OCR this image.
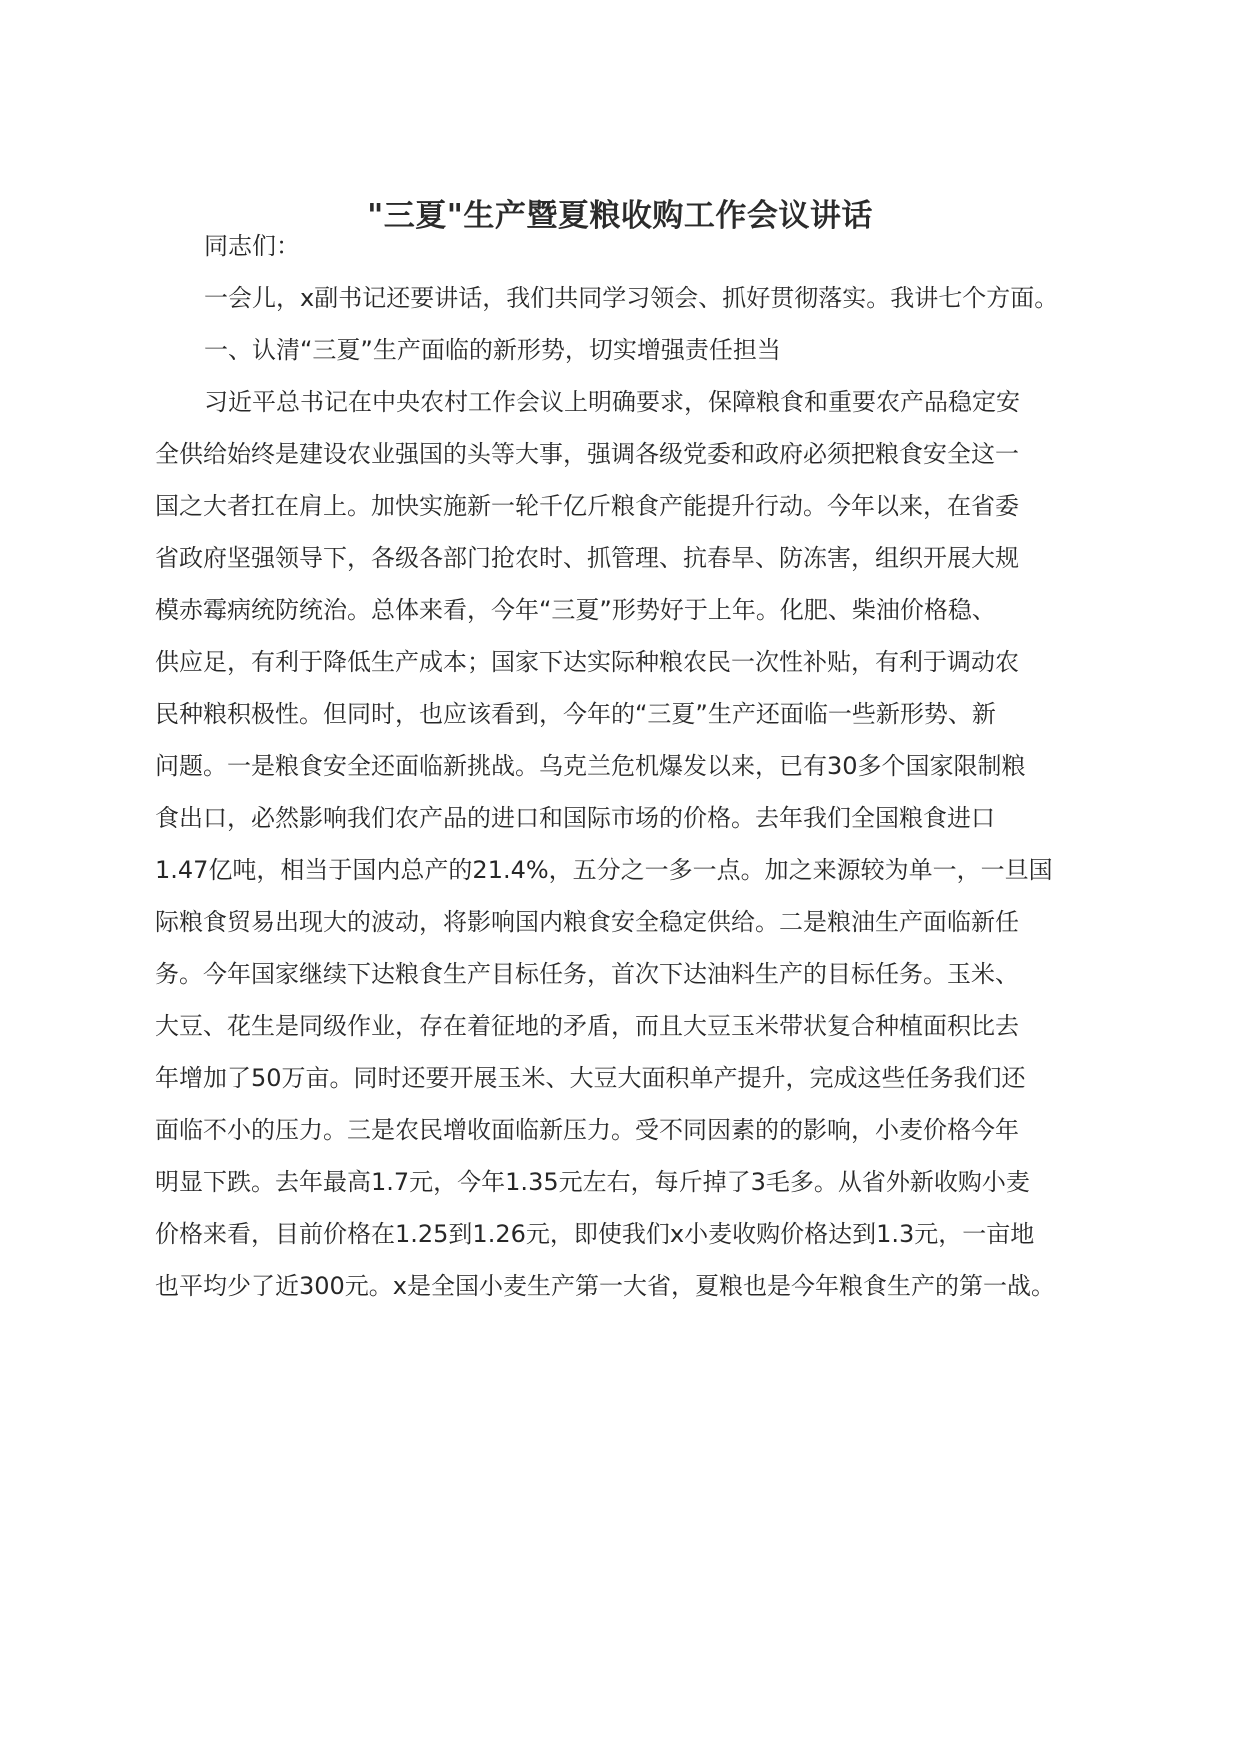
"三夏"生产暨夏粮收购工作会议讲话
同志们：
一会儿，x副书记还要讲话，我们共同学习领会、抓好贯彻落实。我讲七个方面。
一、认清“三夏”生产面临的新形势，切实增强责任担当
习近平总书记在中央农村工作会议上明确要求，保障粮食和重要农产品稳定安
全供给始终是建设农业强国的头等大事，强调各级党委和政府必须把粮食安全这一
国之大者扛在肩上。加快实施新一轮千亿斤粮食产能提升行动。今年以来，在省委
省政府坚强领导下，各级各部门抢农时、抓管理、抗春旱、防冻害，组织开展大规
模赤霉病统防统治。总体来看，今年“三夏”形势好于上年。化肥、柴油价格稳、
供应足，有利于降低生产成本；国家下达实际种粮农民一次性补贴，有利于调动农
民种粮积极性。但同时，也应该看到，今年的“三夏”生产还面临一些新形势、新
问题。一是粮食安全还面临新挑战。乌克兰危机爆发以来，已有30多个国家限制粮
食出口，必然影响我们农产品的进口和国际市场的价格。去年我们全国粮食进口
1.47亿吨，相当于国内总产的21.4%，五分之一多一点。加之来源较为单一，一旦国
际粮食贸易出现大的波动，将影响国内粮食安全稳定供给。二是粮油生产面临新任
务。今年国家继续下达粮食生产目标任务，首次下达油料生产的目标任务。玉米、
大豆、花生是同级作业，存在着征地的矛盾，而且大豆玉米带状复合种植面积比去
年增加了50万亩。同时还要开展玉米、大豆大面积单产提升，完成这些任务我们还
面临不小的压力。三是农民增收面临新压力。受不同因素的的影响，小麦价格今年
明显下跌。去年最高1.7元，今年1.35元左右，每斤掉了3毛多。从省外新收购小麦
价格来看，目前价格在1.25到1.26元，即使我们x小麦收购价格达到1.3元，一亩地
也平均少了近300元。x是全国小麦生产第一大省，夏粮也是今年粮食生产的第一战。
